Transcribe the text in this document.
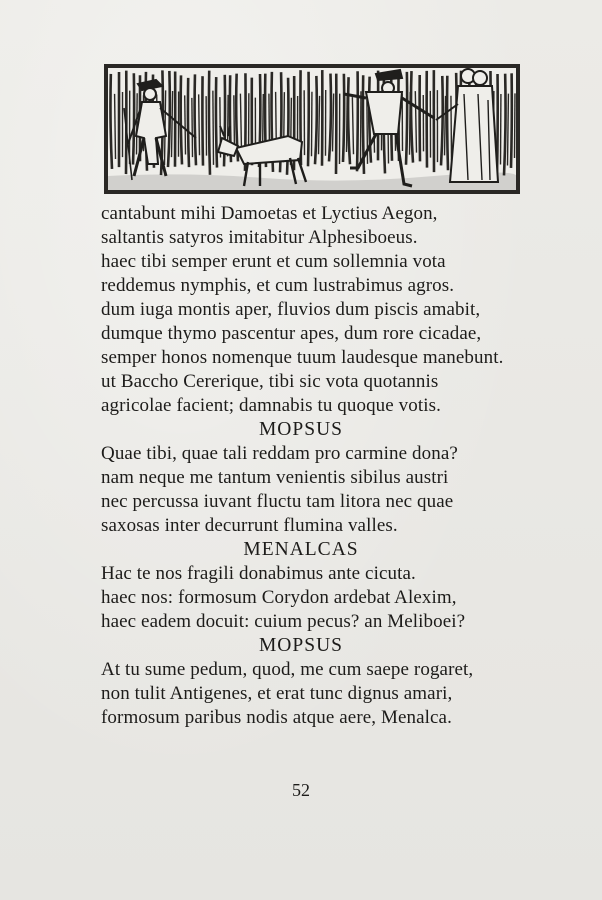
cantabunt mihi Damoetas et Lyctius Aegon,
saltantis satyros imitabitur Alphesiboeus.
haec tibi semper erunt et cum sollemnia vota
reddemus nymphis, et cum lustrabimus agros.
dum iuga montis aper, fluvios dum piscis amabit,
dumque thymo pascentur apes, dum rore cicadae,
semper honos nomenque tuum laudesque manebunt.
ut Baccho Cererique, tibi sic vota quotannis
agricolae facient; damnabis tu quoque votis.
MOPSUS
Quae tibi, quae tali reddam pro carmine dona?
nam neque me tantum venientis sibilus austri
nec percussa iuvant fluctu tam litora nec quae
saxosas inter decurrunt flumina valles.
MENALCAS
Hac te nos fragili donabimus ante cicuta.
haec nos: formosum Corydon ardebat Alexim,
haec eadem docuit: cuium pecus? an Meliboei?
MOPSUS
At tu sume pedum, quod, me cum saepe rogaret,
non tulit Antigenes, et erat tunc dignus amari,
formosum paribus nodis atque aere, Menalca.
52
